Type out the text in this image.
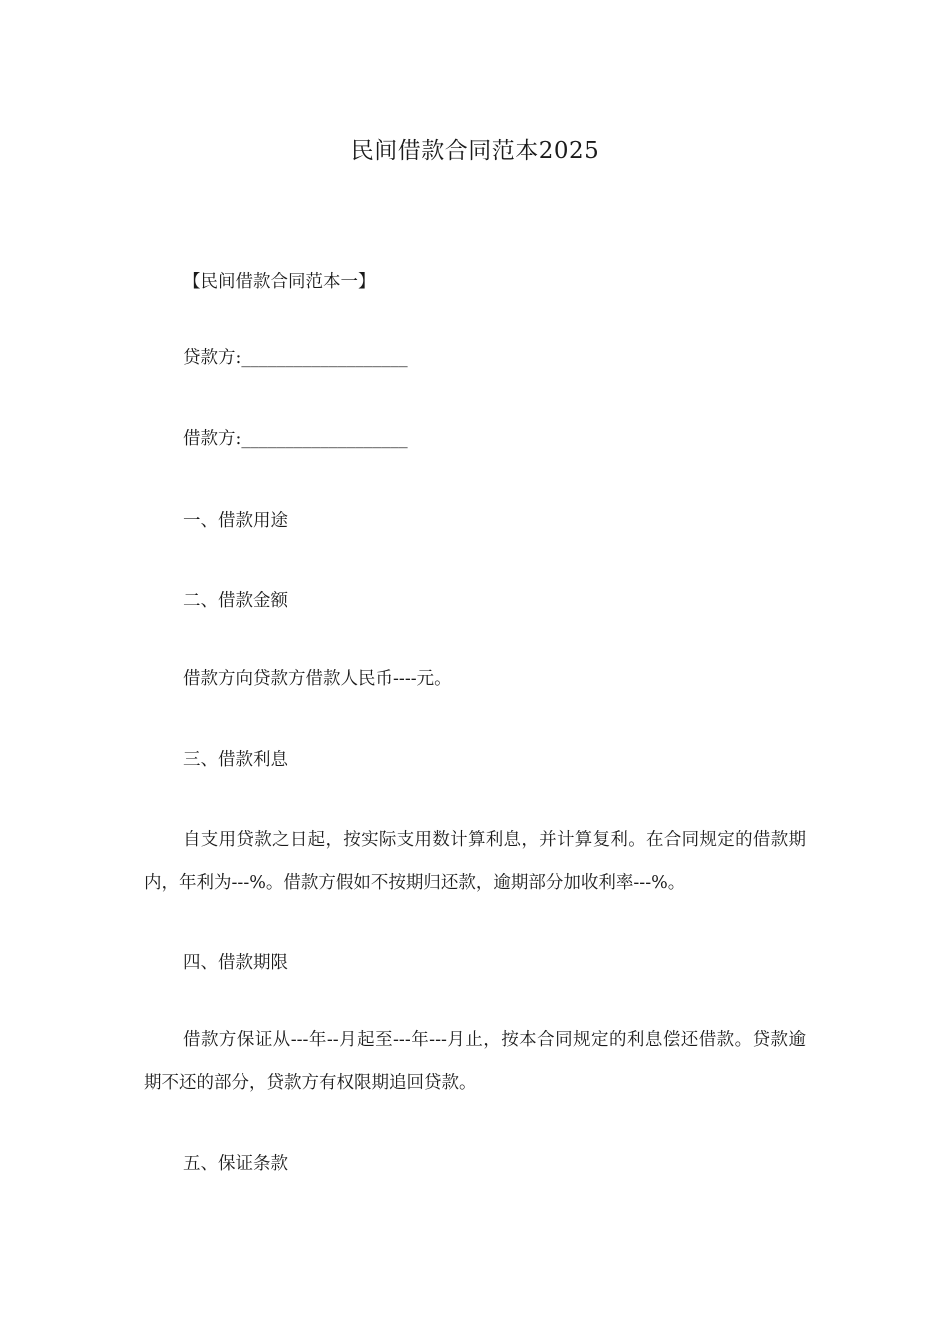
民间借款合同范本2025
【民间借款合同范本一】
贷款方:___________________
借款方:___________________
一、借款用途
二、借款金额
借款方向贷款方借款人民币----元。
三、借款利息
自支用贷款之日起，按实际支用数计算利息，并计算复利。在合同规定的借款期内，年利为---%。借款方假如不按期归还款，逾期部分加收利率---%。
四、借款期限
借款方保证从---年--月起至---年---月止，按本合同规定的利息偿还借款。贷款逾期不还的部分，贷款方有权限期追回贷款。
五、保证条款
